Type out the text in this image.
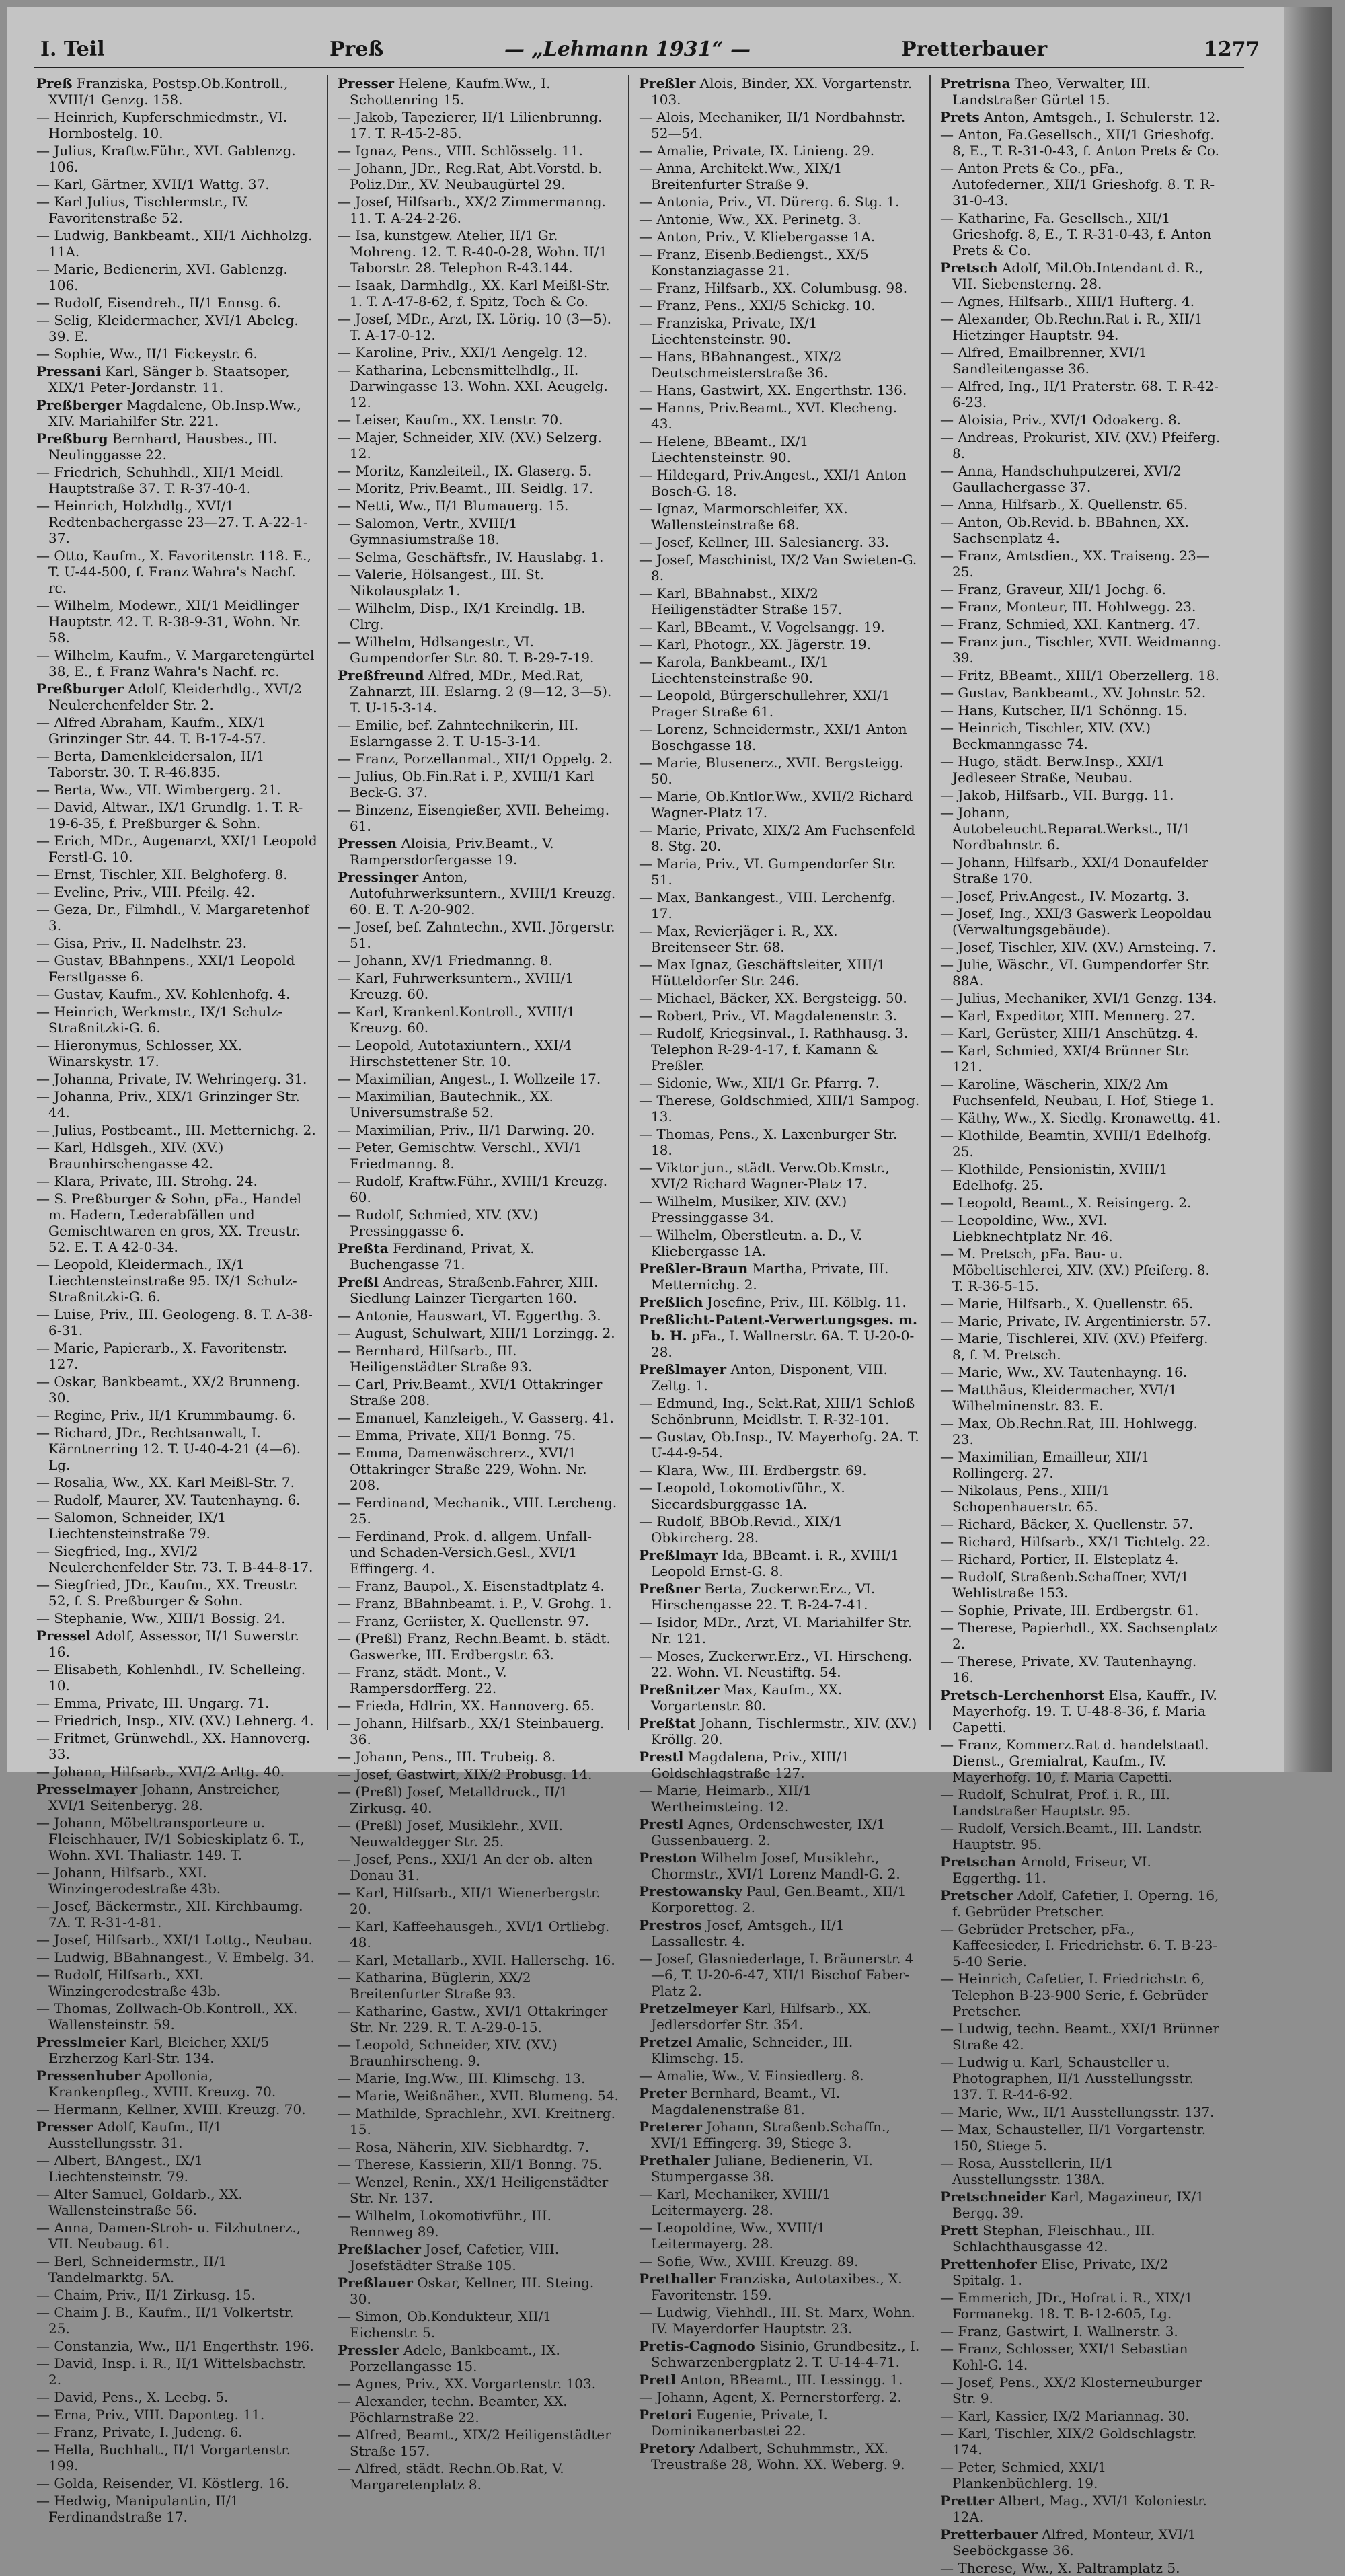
I. Teil	Preß	— „Lehmann 1931“ —	Pretterbauer	1277
Preß Franziska, Postsp.Ob.Kontroll., XVIII/1 Genzg. 158.
— Heinrich, Kupferschmiedmstr., VI. Hornbostelg. 10.
— Julius, Kraftw.Führ., XVI. Gablenzg. 106.
— Karl, Gärtner, XVII/1 Wattg. 37.
— Karl Julius, Tischlermstr., IV. Favoritenstraße 52.
— Ludwig, Bankbeamt., XII/1 Aichholzg. 11A.
— Marie, Bedienerin, XVI. Gablenzg. 106.
— Rudolf, Eisendreh., II/1 Ennsg. 6.
— Selig, Kleidermacher, XVI/1 Abeleg. 39. E.
— Sophie, Ww., II/1 Fickeystr. 6.
Pressani Karl, Sänger b. Staatsoper, XIX/1 Peter-Jordanstr. 11.
Preßberger Magdalene, Ob.Insp.Ww., XIV. Mariahilfer Str. 221.
Preßburg Bernhard, Hausbes., III. Neulinggasse 22.
— Friedrich, Schuhhdl., XII/1 Meidl. Hauptstraße 37. T. R-37-40-4.
— Heinrich, Holzhdlg., XVI/1 Redtenbachergasse 23—27. T. A-22-1-37.
— Otto, Kaufm., X. Favoritenstr. 118. E., T. U-44-500, f. Franz Wahra's Nachf. rc.
— Wilhelm, Modewr., XII/1 Meidlinger Hauptstr. 42. T. R-38-9-31, Wohn. Nr. 58.
— Wilhelm, Kaufm., V. Margaretengürtel 38, E., f. Franz Wahra's Nachf. rc.
Preßburger Adolf, Kleiderhdlg., XVI/2 Neulerchenfelder Str. 2.
— Alfred Abraham, Kaufm., XIX/1 Grinzinger Str. 44. T. B-17-4-57.
— Berta, Damenkleidersalon, II/1 Taborstr. 30. T. R-46.835.
— Berta, Ww., VII. Wimbergerg. 21.
— David, Altwar., IX/1 Grundlg. 1. T. R-19-6-35, f. Preßburger & Sohn.
— Erich, MDr., Augenarzt, XXI/1 Leopold Ferstl-G. 10.
— Ernst, Tischler, XII. Belghoferg. 8.
— Eveline, Priv., VIII. Pfeilg. 42.
— Geza, Dr., Filmhdl., V. Margaretenhof 3.
— Gisa, Priv., II. Nadelhstr. 23.
— Gustav, BBahnpens., XXI/1 Leopold Ferstlgasse 6.
— Gustav, Kaufm., XV. Kohlenhofg. 4.
— Heinrich, Werkmstr., IX/1 Schulz-Straßnitzki-G. 6.
— Hieronymus, Schlosser, XX. Winarskystr. 17.
— Johanna, Private, IV. Wehringerg. 31.
— Johanna, Priv., XIX/1 Grinzinger Str. 44.
— Julius, Postbeamt., III. Metternichg. 2.
— Karl, Hdlsgeh., XIV. (XV.) Braunhirschengasse 42.
— Klara, Private, III. Strohg. 24.
— S. Preßburger & Sohn, pFa., Handel m. Hadern, Lederabfällen und Gemischtwaren en gros, XX. Treustr. 52. E. T. A 42-0-34.
— Leopold, Kleidermach., IX/1 Liechtensteinstraße 95. IX/1 Schulz-Straßnitzki-G. 6.
— Luise, Priv., III. Geologeng. 8. T. A-38-6-31.
— Marie, Papierarb., X. Favoritenstr. 127.
— Oskar, Bankbeamt., XX/2 Brunneng. 30.
— Regine, Priv., II/1 Krummbaumg. 6.
— Richard, JDr., Rechtsanwalt, I. Kärntnerring 12. T. U-40-4-21 (4—6). Lg.
— Rosalia, Ww., XX. Karl Meißl-Str. 7.
— Rudolf, Maurer, XV. Tautenhayng. 6.
— Salomon, Schneider, IX/1 Liechtensteinstraße 79.
— Siegfried, Ing., XVI/2 Neulerchenfelder Str. 73. T. B-44-8-17.
— Siegfried, JDr., Kaufm., XX. Treustr. 52, f. S. Preßburger & Sohn.
— Stephanie, Ww., XIII/1 Bossig. 24.
Pressel Adolf, Assessor, II/1 Suwerstr. 16.
— Elisabeth, Kohlenhdl., IV. Schelleing. 10.
— Emma, Private, III. Ungarg. 71.
— Friedrich, Insp., XIV. (XV.) Lehnerg. 4.
— Fritmet, Grünwehdl., XX. Hannoverg. 33.
— Johann, Hilfsarb., XVI/2 Arltg. 40.
Presselmayer Johann, Anstreicher, XVI/1 Seitenberyg. 28.
— Johann, Möbeltransporteure u. Fleischhauer, IV/1 Sobieskiplatz 6. T., Wohn. XVI. Thaliastr. 149. T.
— Johann, Hilfsarb., XXI. Winzingerodestraße 43b.
— Josef, Bäckermstr., XII. Kirchbaumg. 7A. T. R-31-4-81.
— Josef, Hilfsarb., XXI/1 Lottg., Neubau.
— Ludwig, BBahnangest., V. Embelg. 34.
— Rudolf, Hilfsarb., XXI. Winzingerodestraße 43b.
— Thomas, Zollwach-Ob.Kontroll., XX. Wallensteinstr. 59.
Presslmeier Karl, Bleicher, XXI/5 Erzherzog Karl-Str. 134.
Pressenhuber Apollonia, Krankenpfleg., XVIII. Kreuzg. 70.
— Hermann, Kellner, XVIII. Kreuzg. 70.
Presser Adolf, Kaufm., II/1 Ausstellungsstr. 31.
— Albert, BAngest., IX/1 Liechtensteinstr. 79.
— Alter Samuel, Goldarb., XX. Wallensteinstraße 56.
— Anna, Damen-Stroh- u. Filzhutnerz., VII. Neubaug. 61.
— Berl, Schneidermstr., II/1 Tandelmarktg. 5A.
— Chaim, Priv., II/1 Zirkusg. 15.
— Chaim J. B., Kaufm., II/1 Volkertstr. 25.
— Constanzia, Ww., II/1 Engerthstr. 196.
— David, Insp. i. R., II/1 Wittelsbachstr. 2.
— David, Pens., X. Leebg. 5.
— Erna, Priv., VIII. Daponteg. 11.
— Franz, Private, I. Judeng. 6.
— Hella, Buchhalt., II/1 Vorgartenstr. 199.
— Golda, Reisender, VI. Köstlerg. 16.
— Hedwig, Manipulantin, II/1 Ferdinandstraße 17.
Presser Helene, Kaufm.Ww., I. Schottenring 15.
— Jakob, Tapezierer, II/1 Lilienbrunng. 17. T. R-45-2-85.
— Ignaz, Pens., VIII. Schlösselg. 11.
— Johann, JDr., Reg.Rat, Abt.Vorstd. b. Poliz.Dir., XV. Neubaugürtel 29.
— Josef, Hilfsarb., XX/2 Zimmermanng. 11. T. A-24-2-26.
— Isa, kunstgew. Atelier, II/1 Gr. Mohreng. 12. T. R-40-0-28, Wohn. II/1 Taborstr. 28. Telephon R-43.144.
— Isaak, Darmhdlg., XX. Karl Meißl-Str. 1. T. A-47-8-62, f. Spitz, Toch & Co.
— Josef, MDr., Arzt, IX. Lörig. 10 (3—5). T. A-17-0-12.
— Karoline, Priv., XXI/1 Aengelg. 12.
— Katharina, Lebensmittelhdlg., II. Darwingasse 13. Wohn. XXI. Aeugelg. 12.
— Leiser, Kaufm., XX. Lenstr. 70.
— Majer, Schneider, XIV. (XV.) Selzerg. 12.
— Moritz, Kanzleiteil., IX. Glaserg. 5.
— Moritz, Priv.Beamt., III. Seidlg. 17.
— Netti, Ww., II/1 Blumauerg. 15.
— Salomon, Vertr., XVIII/1 Gymnasiumstraße 18.
— Selma, Geschäftsfr., IV. Hauslabg. 1.
— Valerie, Hölsangest., III. St. Nikolausplatz 1.
— Wilhelm, Disp., IX/1 Kreindlg. 1B. Clrg.
— Wilhelm, Hdlsangestr., VI. Gumpendorfer Str. 80. T. B-29-7-19.
Preßfreund Alfred, MDr., Med.Rat, Zahnarzt, III. Eslarng. 2 (9—12, 3—5). T. U-15-3-14.
— Emilie, bef. Zahntechnikerin, III. Eslarngasse 2. T. U-15-3-14.
— Franz, Porzellanmal., XII/1 Oppelg. 2.
— Julius, Ob.Fin.Rat i. P., XVIII/1 Karl Beck-G. 37.
— Binzenz, Eisengießer, XVII. Beheimg. 61.
Pressen Aloisia, Priv.Beamt., V. Rampersdorfergasse 19.
Pressinger Anton, Autofuhrwerksuntern., XVIII/1 Kreuzg. 60. E. T. A-20-902.
— Josef, bef. Zahntechn., XVII. Jörgerstr. 51.
— Johann, XV/1 Friedmanng. 8.
— Karl, Fuhrwerksuntern., XVIII/1 Kreuzg. 60.
— Karl, Krankenl.Kontroll., XVIII/1 Kreuzg. 60.
— Leopold, Autotaxiuntern., XXI/4 Hirschstettener Str. 10.
— Maximilian, Angest., I. Wollzeile 17.
— Maximilian, Bautechnik., XX. Universumstraße 52.
— Maximilian, Priv., II/1 Darwing. 20.
— Peter, Gemischtw. Verschl., XVI/1 Friedmanng. 8.
— Rudolf, Kraftw.Führ., XVIII/1 Kreuzg. 60.
— Rudolf, Schmied, XIV. (XV.) Pressinggasse 6.
Preßta Ferdinand, Privat, X. Buchengasse 71.
Preßl Andreas, Straßenb.Fahrer, XIII. Siedlung Lainzer Tiergarten 160.
— Antonie, Hauswart, VI. Eggerthg. 3.
— August, Schulwart, XIII/1 Lorzingg. 2.
— Bernhard, Hilfsarb., III. Heiligenstädter Straße 93.
— Carl, Priv.Beamt., XVI/1 Ottakringer Straße 208.
— Emanuel, Kanzleigeh., V. Gasserg. 41.
— Emma, Private, XII/1 Bonng. 75.
— Emma, Damenwäschrerz., XVI/1 Ottakringer Straße 229, Wohn. Nr. 208.
— Ferdinand, Mechanik., VIII. Lercheng. 25.
— Ferdinand, Prok. d. allgem. Unfall- und Schaden-Versich.Gesl., XVI/1 Effingerg. 4.
— Franz, Baupol., X. Eisenstadtplatz 4.
— Franz, BBahnbeamt. i. P., V. Grohg. 1.
— Franz, Geriister, X. Quellenstr. 97.
— (Preßl) Franz, Rechn.Beamt. b. städt. Gaswerke, III. Erdbergstr. 63.
— Franz, städt. Mont., V. Rampersdorfferg. 22.
— Frieda, Hdlrin, XX. Hannoverg. 65.
— Johann, Hilfsarb., XX/1 Steinbauerg. 36.
— Johann, Pens., III. Trubeig. 8.
— Josef, Gastwirt, XIX/2 Probusg. 14.
— (Preßl) Josef, Metalldruck., II/1 Zirkusg. 40.
— (Preßl) Josef, Musiklehr., XVII. Neuwaldegger Str. 25.
— Josef, Pens., XXI/1 An der ob. alten Donau 31.
— Karl, Hilfsarb., XII/1 Wienerbergstr. 20.
— Karl, Kaffeehausgeh., XVI/1 Ortliebg. 48.
— Karl, Metallarb., XVII. Hallerschg. 16.
— Katharina, Büglerin, XX/2 Breitenfurter Straße 93.
— Katharine, Gastw., XVI/1 Ottakringer Str. Nr. 229. R. T. A-29-0-15.
— Leopold, Schneider, XIV. (XV.) Braunhirscheng. 9.
— Marie, Ing.Ww., III. Klimschg. 13.
— Marie, Weißnäher., XVII. Blumeng. 54.
— Mathilde, Sprachlehr., XVI. Kreitnerg. 15.
— Rosa, Näherin, XIV. Siebhardtg. 7.
— Therese, Kassierin, XII/1 Bonng. 75.
— Wenzel, Renin., XX/1 Heiligenstädter Str. Nr. 137.
— Wilhelm, Lokomotivführ., III. Rennweg 89.
Preßlacher Josef, Cafetier, VIII. Josefstädter Straße 105.
Preßlauer Oskar, Kellner, III. Steing. 30.
— Simon, Ob.Kondukteur, XII/1 Eichenstr. 5.
Pressler Adele, Bankbeamt., IX. Porzellangasse 15.
— Agnes, Priv., XX. Vorgartenstr. 103.
— Alexander, techn. Beamter, XX. Pöchlarnstraße 22.
— Alfred, Beamt., XIX/2 Heiligenstädter Straße 157.
— Alfred, städt. Rechn.Ob.Rat, V. Margaretenplatz 8.
Preßler Alois, Binder, XX. Vorgartenstr. 103.
— Alois, Mechaniker, II/1 Nordbahnstr. 52—54.
— Amalie, Private, IX. Linieng. 29.
— Anna, Architekt.Ww., XIX/1 Breitenfurter Straße 9.
— Antonia, Priv., VI. Dürerg. 6. Stg. 1.
— Antonie, Ww., XX. Perinetg. 3.
— Anton, Priv., V. Kliebergasse 1A.
— Franz, Eisenb.Bediengst., XX/5 Konstanziagasse 21.
— Franz, Hilfsarb., XX. Columbusg. 98.
— Franz, Pens., XXI/5 Schickg. 10.
— Franziska, Private, IX/1 Liechtensteinstr. 90.
— Hans, BBahnangest., XIX/2 Deutschmeisterstraße 36.
— Hans, Gastwirt, XX. Engerthstr. 136.
— Hanns, Priv.Beamt., XVI. Klecheng. 43.
— Helene, BBeamt., IX/1 Liechtensteinstr. 90.
— Hildegard, Priv.Angest., XXI/1 Anton Bosch-G. 18.
— Ignaz, Marmorschleifer, XX. Wallensteinstraße 68.
— Josef, Kellner, III. Salesianerg. 33.
— Josef, Maschinist, IX/2 Van Swieten-G. 8.
— Karl, BBahnabst., XIX/2 Heiligenstädter Straße 157.
— Karl, BBeamt., V. Vogelsangg. 19.
— Karl, Photogr., XX. Jägerstr. 19.
— Karola, Bankbeamt., IX/1 Liechtensteinstraße 90.
— Leopold, Bürgerschullehrer, XXI/1 Prager Straße 61.
— Lorenz, Schneidermstr., XXI/1 Anton Boschgasse 18.
— Marie, Blusenerz., XVII. Bergsteigg. 50.
— Marie, Ob.Kntlor.Ww., XVII/2 Richard Wagner-Platz 17.
— Marie, Private, XIX/2 Am Fuchsenfeld 8. Stg. 20.
— Maria, Priv., VI. Gumpendorfer Str. 51.
— Max, Bankangest., VIII. Lerchenfg. 17.
— Max, Revierjäger i. R., XX. Breitenseer Str. 68.
— Max Ignaz, Geschäftsleiter, XIII/1 Hütteldorfer Str. 246.
— Michael, Bäcker, XX. Bergsteigg. 50.
— Robert, Priv., VI. Magdalenenstr. 3.
— Rudolf, Kriegsinval., I. Rathhausg. 3. Telephon R-29-4-17, f. Kamann & Preßler.
— Sidonie, Ww., XII/1 Gr. Pfarrg. 7.
— Therese, Goldschmied, XIII/1 Sampog. 13.
— Thomas, Pens., X. Laxenburger Str. 18.
— Viktor jun., städt. Verw.Ob.Kmstr., XVI/2 Richard Wagner-Platz 17.
— Wilhelm, Musiker, XIV. (XV.) Pressinggasse 34.
— Wilhelm, Oberstleutn. a. D., V. Kliebergasse 1A.
Preßler-Braun Martha, Private, III. Metternichg. 2.
Preßlich Josefine, Priv., III. Kölblg. 11.
Preßlicht-Patent-Verwertungsges. m. b. H. pFa., I. Wallnerstr. 6A. T. U-20-0-28.
Preßlmayer Anton, Disponent, VIII. Zeltg. 1.
— Edmund, Ing., Sekt.Rat, XIII/1 Schloß Schönbrunn, Meidlstr. T. R-32-101.
— Gustav, Ob.Insp., IV. Mayerhofg. 2A. T. U-44-9-54.
— Klara, Ww., III. Erdbergstr. 69.
— Leopold, Lokomotivführ., X. Siccardsburggasse 1A.
— Rudolf, BBOb.Revid., XIX/1 Obkircherg. 28.
Preßlmayr Ida, BBeamt. i. R., XVIII/1 Leopold Ernst-G. 8.
Preßner Berta, Zuckerwr.Erz., VI. Hirschengasse 22. T. B-24-7-41.
— Isidor, MDr., Arzt, VI. Mariahilfer Str. Nr. 121.
— Moses, Zuckerwr.Erz., VI. Hirscheng. 22. Wohn. VI. Neustiftg. 54.
Preßnitzer Max, Kaufm., XX. Vorgartenstr. 80.
Preßtat Johann, Tischlermstr., XIV. (XV.) Kröllg. 20.
Prestl Magdalena, Priv., XIII/1 Goldschlagstraße 127.
— Marie, Heimarb., XII/1 Wertheimsteing. 12.
Prestl Agnes, Ordenschwester, IX/1 Gussenbauerg. 2.
Preston Wilhelm Josef, Musiklehr., Chormstr., XVI/1 Lorenz Mandl-G. 2.
Prestowansky Paul, Gen.Beamt., XII/1 Korporettog. 2.
Prestros Josef, Amtsgeh., II/1 Lassallestr. 4.
— Josef, Glasniederlage, I. Bräunerstr. 4—6, T. U-20-6-47, XII/1 Bischof Faber-Platz 2.
Pretzelmeyer Karl, Hilfsarb., XX. Jedlersdorfer Str. 354.
Pretzel Amalie, Schneider., III. Klimschg. 15.
— Amalie, Ww., V. Einsiedlerg. 8.
Preter Bernhard, Beamt., VI. Magdalenenstraße 81.
Preterer Johann, Straßenb.Schaffn., XVI/1 Effingerg. 39, Stiege 3.
Prethaler Juliane, Bedienerin, VI. Stumpergasse 38.
— Karl, Mechaniker, XVIII/1 Leitermayerg. 28.
— Leopoldine, Ww., XVIII/1 Leitermayerg. 28.
— Sofie, Ww., XVIII. Kreuzg. 89.
Prethaller Franziska, Autotaxibes., X. Favoritenstr. 159.
— Ludwig, Viehhdl., III. St. Marx, Wohn. IV. Mayerdorfer Hauptstr. 23.
Pretis-Cagnodo Sisinio, Grundbesitz., I. Schwarzenbergplatz 2. T. U-14-4-71.
Pretl Anton, BBeamt., III. Lessingg. 1.
— Johann, Agent, X. Pernerstorferg. 2.
Pretori Eugenie, Private, I. Dominikanerbastei 22.
Pretory Adalbert, Schuhmmstr., XX. Treustraße 28, Wohn. XX. Weberg. 9.
Pretrisna Theo, Verwalter, III. Landstraßer Gürtel 15.
Prets Anton, Amtsgeh., I. Schulerstr. 12.
— Anton, Fa.Gesellsch., XII/1 Grieshofg. 8, E., T. R-31-0-43, f. Anton Prets & Co.
— Anton Prets & Co., pFa., Autofederner., XII/1 Grieshofg. 8. T. R-31-0-43.
— Katharine, Fa. Gesellsch., XII/1 Grieshofg. 8, E., T. R-31-0-43, f. Anton Prets & Co.
Pretsch Adolf, Mil.Ob.Intendant d. R., VII. Siebensterng. 28.
— Agnes, Hilfsarb., XIII/1 Hufterg. 4.
— Alexander, Ob.Rechn.Rat i. R., XII/1 Hietzinger Hauptstr. 94.
— Alfred, Emailbrenner, XVI/1 Sandleitengasse 36.
— Alfred, Ing., II/1 Praterstr. 68. T. R-42-6-23.
— Aloisia, Priv., XVI/1 Odoakerg. 8.
— Andreas, Prokurist, XIV. (XV.) Pfeiferg. 8.
— Anna, Handschuhputzerei, XVI/2 Gaullachergasse 37.
— Anna, Hilfsarb., X. Quellenstr. 65.
— Anton, Ob.Revid. b. BBahnen, XX. Sachsenplatz 4.
— Franz, Amtsdien., XX. Traiseng. 23—25.
— Franz, Graveur, XII/1 Jochg. 6.
— Franz, Monteur, III. Hohlwegg. 23.
— Franz, Schmied, XXI. Kantnerg. 47.
— Franz jun., Tischler, XVII. Weidmanng. 39.
— Fritz, BBeamt., XIII/1 Oberzellerg. 18.
— Gustav, Bankbeamt., XV. Johnstr. 52.
— Hans, Kutscher, II/1 Schönng. 15.
— Heinrich, Tischler, XIV. (XV.) Beckmanngasse 74.
— Hugo, städt. Berw.Insp., XXI/1 Jedleseer Straße, Neubau.
— Jakob, Hilfsarb., VII. Burgg. 11.
— Johann, Autobeleucht.Reparat.Werkst., II/1 Nordbahnstr. 6.
— Johann, Hilfsarb., XXI/4 Donaufelder Straße 170.
— Josef, Priv.Angest., IV. Mozartg. 3.
— Josef, Ing., XXI/3 Gaswerk Leopoldau (Verwaltungsgebäude).
— Josef, Tischler, XIV. (XV.) Arnsteing. 7.
— Julie, Wäschr., VI. Gumpendorfer Str. 88A.
— Julius, Mechaniker, XVI/1 Genzg. 134.
— Karl, Expeditor, XIII. Mennerg. 27.
— Karl, Gerüster, XIII/1 Anschützg. 4.
— Karl, Schmied, XXI/4 Brünner Str. 121.
— Karoline, Wäscherin, XIX/2 Am Fuchsenfeld, Neubau, I. Hof, Stiege 1.
— Käthy, Ww., X. Siedlg. Kronawettg. 41.
— Klothilde, Beamtin, XVIII/1 Edelhofg. 25.
— Klothilde, Pensionistin, XVIII/1 Edelhofg. 25.
— Leopold, Beamt., X. Reisingerg. 2.
— Leopoldine, Ww., XVI. Liebknechtplatz Nr. 46.
— M. Pretsch, pFa. Bau- u. Möbeltischlerei, XIV. (XV.) Pfeiferg. 8. T. R-36-5-15.
— Marie, Hilfsarb., X. Quellenstr. 65.
— Marie, Private, IV. Argentinierstr. 57.
— Marie, Tischlerei, XIV. (XV.) Pfeiferg. 8, f. M. Pretsch.
— Marie, Ww., XV. Tautenhayng. 16.
— Matthäus, Kleidermacher, XVI/1 Wilhelminenstr. 83. E.
— Max, Ob.Rechn.Rat, III. Hohlwegg. 23.
— Maximilian, Emailleur, XII/1 Rollingerg. 27.
— Nikolaus, Pens., XIII/1 Schopenhauerstr. 65.
— Richard, Bäcker, X. Quellenstr. 57.
— Richard, Hilfsarb., XX/1 Tichtelg. 22.
— Richard, Portier, II. Elsteplatz 4.
— Rudolf, Straßenb.Schaffner, XVI/1 Wehlistraße 153.
— Sophie, Private, III. Erdbergstr. 61.
— Therese, Papierhdl., XX. Sachsenplatz 2.
— Therese, Private, XV. Tautenhayng. 16.
Pretsch-Lerchenhorst Elsa, Kauffr., IV. Mayerhofg. 19. T. U-48-8-36, f. Maria Capetti.
— Franz, Kommerz.Rat d. handelstaatl. Dienst., Gremialrat, Kaufm., IV. Mayerhofg. 10, f. Maria Capetti.
— Rudolf, Schulrat, Prof. i. R., III. Landstraßer Hauptstr. 95.
— Rudolf, Versich.Beamt., III. Landstr. Hauptstr. 95.
Pretschan Arnold, Friseur, VI. Eggerthg. 11.
Pretscher Adolf, Cafetier, I. Operng. 16, f. Gebrüder Pretscher.
— Gebrüder Pretscher, pFa., Kaffeesieder, I. Friedrichstr. 6. T. B-23-5-40 Serie.
— Heinrich, Cafetier, I. Friedrichstr. 6, Telephon B-23-900 Serie, f. Gebrüder Pretscher.
— Ludwig, techn. Beamt., XXI/1 Brünner Straße 42.
— Ludwig u. Karl, Schausteller u. Photographen, II/1 Ausstellungsstr. 137. T. R-44-6-92.
— Marie, Ww., II/1 Ausstellungsstr. 137.
— Max, Schausteller, II/1 Vorgartenstr. 150, Stiege 5.
— Rosa, Ausstellerin, II/1 Ausstellungsstr. 138A.
Pretschneider Karl, Magazineur, IX/1 Bergg. 39.
Prett Stephan, Fleischhau., III. Schlachthausgasse 42.
Prettenhofer Elise, Private, IX/2 Spitalg. 1.
— Emmerich, JDr., Hofrat i. R., XIX/1 Formanekg. 18. T. B-12-605, Lg.
— Franz, Gastwirt, I. Wallnerstr. 3.
— Franz, Schlosser, XXI/1 Sebastian Kohl-G. 14.
— Josef, Pens., XX/2 Klosterneuburger Str. 9.
— Karl, Kassier, IX/2 Mariannag. 30.
— Karl, Tischler, XIX/2 Goldschlagstr. 174.
— Peter, Schmied, XXI/1 Plankenbüchlerg. 19.
Pretter Albert, Mag., XVI/1 Koloniestr. 12A.
Pretterbauer Alfred, Monteur, XVI/1 Seeböckgasse 36.
— Therese, Ww., X. Paltramplatz 5.
